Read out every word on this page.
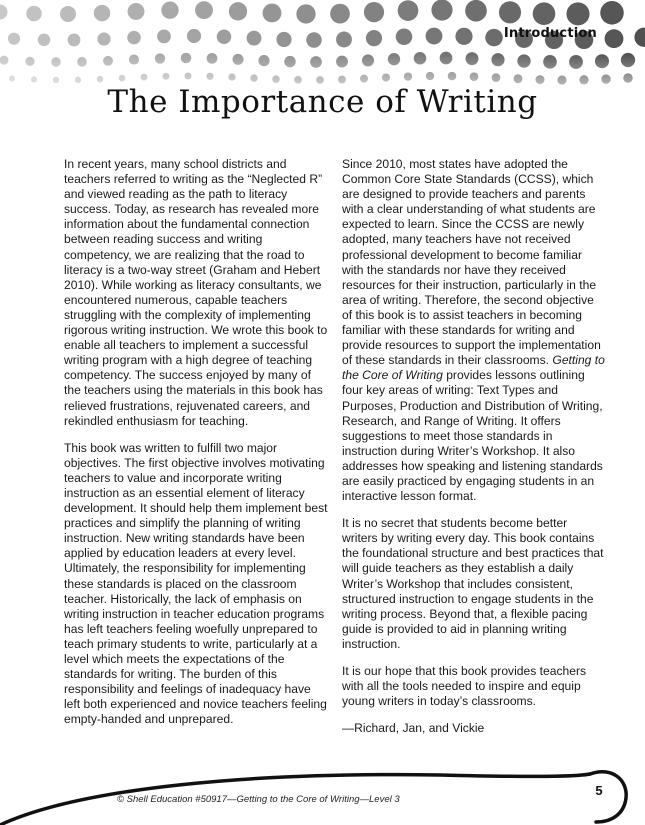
Introduction
The Importance of Writing

In recent years, many school districts and teachers referred to writing as the “Neglected R” and viewed reading as the path to literacy success. Today, as research has revealed more information about the fundamental connection between reading success and writing competency, we are realizing that the road to literacy is a two-way street (Graham and Hebert 2010). While working as literacy consultants, we encountered numerous, capable teachers struggling with the complexity of implementing rigorous writing instruction. We wrote this book to enable all teachers to implement a successful writing program with a high degree of teaching competency. The success enjoyed by many of the teachers using the materials in this book has relieved frustrations, rejuvenated careers, and rekindled enthusiasm for teaching.

This book was written to fulfill two major objectives. The first objective involves motivating teachers to value and incorporate writing instruction as an essential element of literacy development. It should help them implement best practices and simplify the planning of writing instruction. New writing standards have been applied by education leaders at every level. Ultimately, the responsibility for implementing these standards is placed on the classroom teacher. Historically, the lack of emphasis on writing instruction in teacher education programs has left teachers feeling woefully unprepared to teach primary students to write, particularly at a level which meets the expectations of the standards for writing. The burden of this responsibility and feelings of inadequacy have left both experienced and novice teachers feeling empty-handed and unprepared.

Since 2010, most states have adopted the Common Core State Standards (CCSS), which are designed to provide teachers and parents with a clear understanding of what students are expected to learn. Since the CCSS are newly adopted, many teachers have not received professional development to become familiar with the standards nor have they received resources for their instruction, particularly in the area of writing. Therefore, the second objective of this book is to assist teachers in becoming familiar with these standards for writing and provide resources to support the implementation of these standards in their classrooms. Getting to the Core of Writing provides lessons outlining four key areas of writing: Text Types and Purposes, Production and Distribution of Writing, Research, and Range of Writing. It offers suggestions to meet those standards in instruction during Writer’s Workshop. It also addresses how speaking and listening standards are easily practiced by engaging students in an interactive lesson format.

It is no secret that students become better writers by writing every day. This book contains the foundational structure and best practices that will guide teachers as they establish a daily Writer’s Workshop that includes consistent, structured instruction to engage students in the writing process. Beyond that, a flexible pacing guide is provided to aid in planning writing instruction.

It is our hope that this book provides teachers with all the tools needed to inspire and equip young writers in today’s classrooms.

—Richard, Jan, and Vickie

© Shell Education #50917—Getting to the Core of Writing—Level 3
5
